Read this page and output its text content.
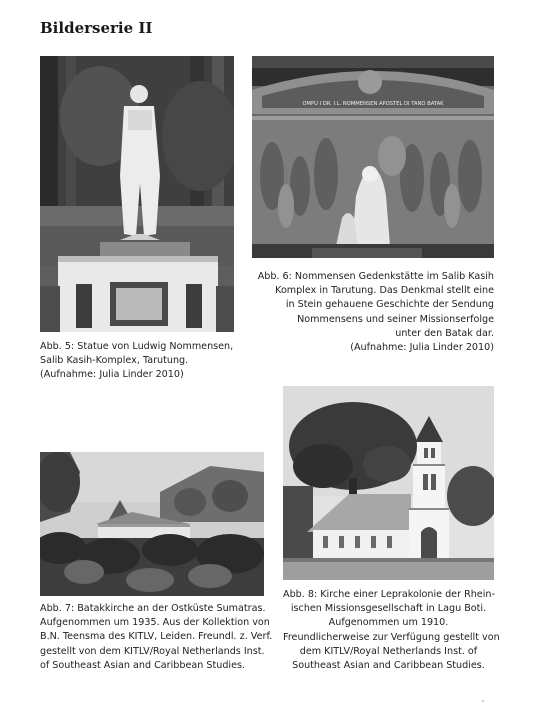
Bilderserie II
Abb. 5: Statue von Ludwig Nommensen,
Salib Kasih-Komplex, Tarutung.
(Aufnahme: Julia Linder 2010)
OMPU I DR. I.L. NOMMENSEN APOSTEL DI TANO BATAK
Abb. 6: Nommensen Gedenkstätte im Salib Kasih
Komplex in Tarutung. Das Denkmal stellt eine
in Stein gehauene Geschichte der Sendung
Nommensens und seiner Missionserfolge
unter den Batak dar.
(Aufnahme: Julia Linder 2010)
Abb. 7: Batakkirche an der Ostküste Sumatras.
Aufgenommen um 1935. Aus der Kollektion von
B.N. Teensma des KITLV, Leiden. Freundl. z. Verf.
gestellt von dem KITLV/Royal Netherlands Inst.
of Southeast Asian and Caribbean Studies.
Abb. 8: Kirche einer Leprakolonie der Rhein-
ischen Missionsgesellschaft in Lagu Boti.
Aufgenommen um 1910.
Freundlicherweise zur Verfügung gestellt von
dem KITLV/Royal Netherlands Inst. of
Southeast Asian and Caribbean Studies.
